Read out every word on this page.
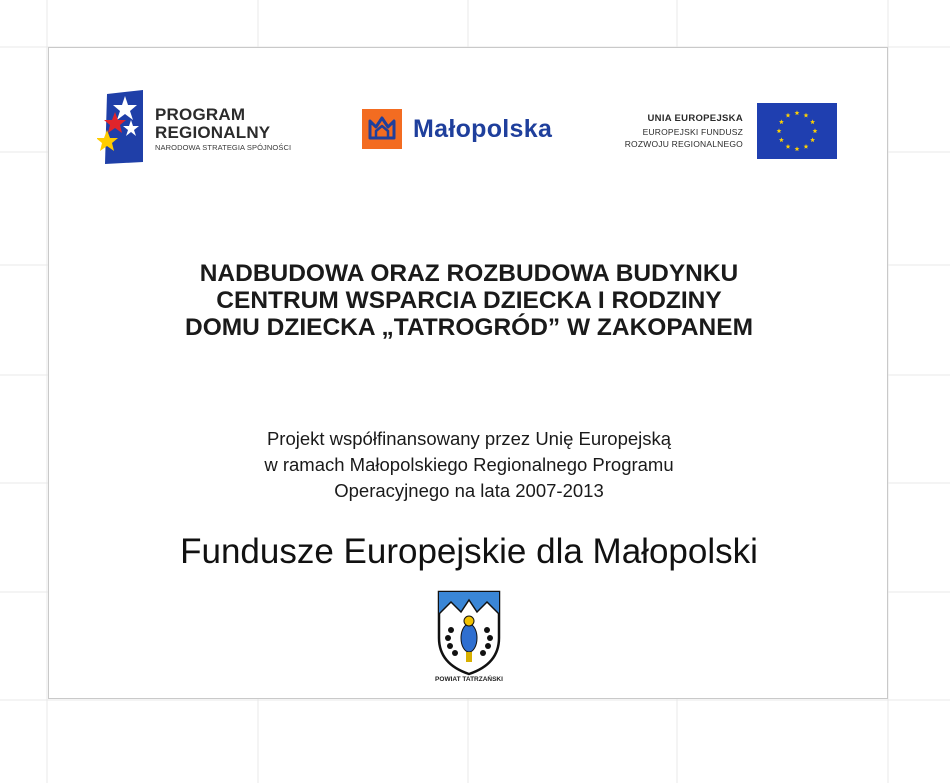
PROGRAM
REGIONALNY
NARODOWA STRATEGIA SPÓJNOŚCI
Małopolska	UNIA EUROPEJSKA
EUROPEJSKI FUNDUSZ
ROZWOJU REGIONALNEGO
NADBUDOWA ORAZ ROZBUDOWA BUDYNKU
CENTRUM WSPARCIA DZIECKA I RODZINY
DOMU DZIECKA „TATROGRÓD” W ZAKOPANEM
Projekt współfinansowany przez Unię Europejską
w ramach Małopolskiego Regionalnego Programu
Operacyjnego na lata 2007-2013
Fundusze Europejskie dla Małopolski
POWIAT TATRZAŃSKI
